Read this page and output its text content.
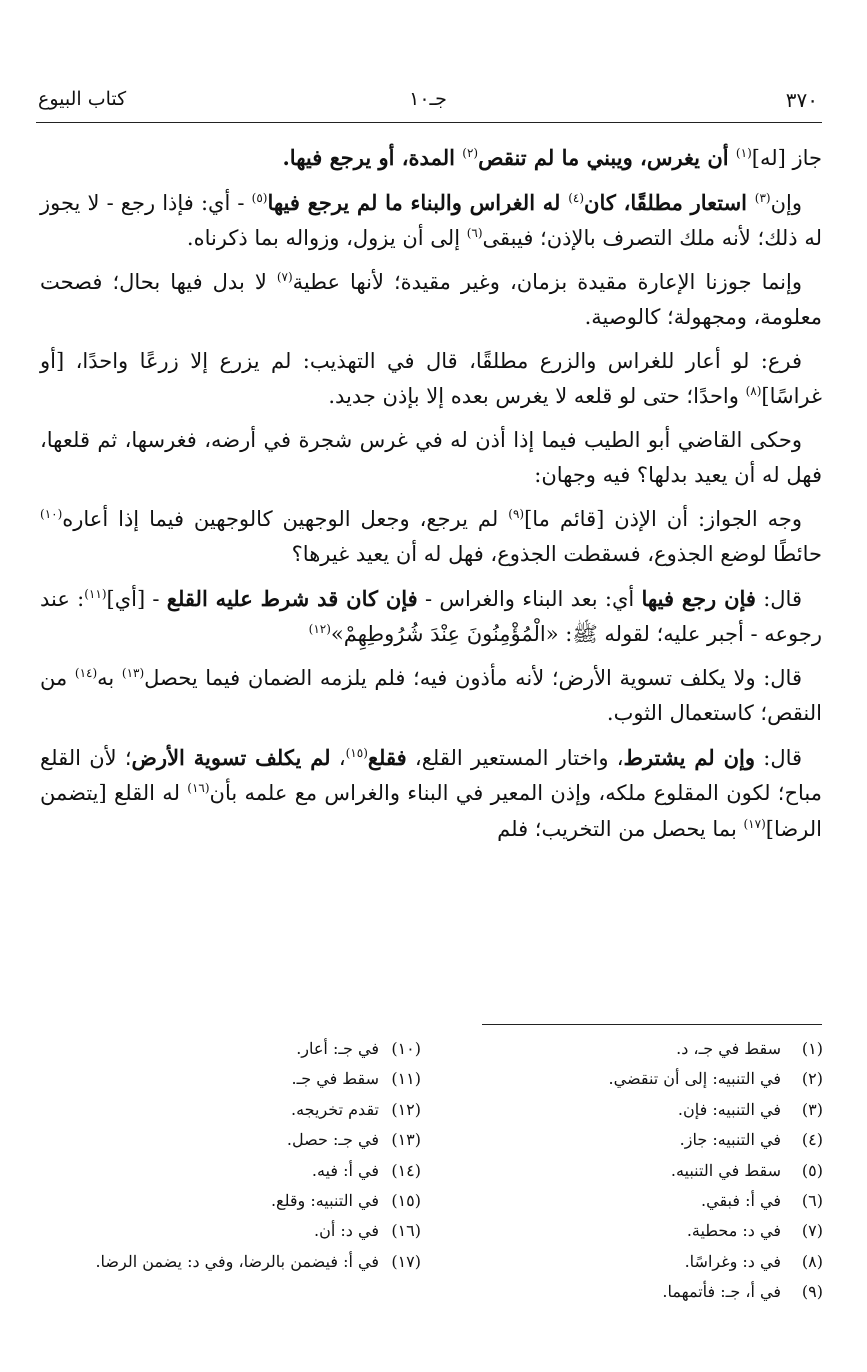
٣٧٠
جـ١٠
كتاب البيوع

جاز [له]$^{(١)}$ أن يغرس، ويبني ما لم تنقص$^{(٢)}$ المدة، أو يرجع فيها.

وإن$^{(٣)}$ استعار مطلقًا، كان$^{(٤)}$ له الغراس والبناء ما لم يرجع فيها$^{(٥)}$ - أي: فإذا رجع - لا يجوز له ذلك؛ لأنه ملك التصرف بالإذن؛ فيبقى$^{(٦)}$ إلى أن يزول، وزواله بما ذكرناه.

وإنما جوزنا الإعارة مقيدة بزمان، وغير مقيدة؛ لأنها عطية$^{(٧)}$ لا بدل فيها بحال؛ فصحت معلومة، ومجهولة؛ كالوصية.

فرع: لو أعار للغراس والزرع مطلقًا، قال في التهذيب: لم يزرع إلا زرعًا واحدًا، [أو غراسًا]$^{(٨)}$ واحدًا؛ حتى لو قلعه لا يغرس بعده إلا بإذن جديد.

وحكى القاضي أبو الطيب فيما إذا أذن له في غرس شجرة في أرضه، فغرسها، ثم قلعها، فهل له أن يعيد بدلها؟ فيه وجهان:

وجه الجواز: أن الإذن [قائم ما]$^{(٩)}$ لم يرجع، وجعل الوجهين كالوجهين فيما إذا أعاره$^{(١٠)}$ حائطًا لوضع الجذوع، فسقطت الجذوع، فهل له أن يعيد غيرها؟

قال: فإن رجع فيها أي: بعد البناء والغراس - فإن كان قد شرط عليه القلع - [أي]$^{(١١)}$: عند رجوعه - أجبر عليه؛ لقوله ﷺ: «الْمُؤْمِنُونَ عِنْدَ شُرُوطِهِمْ»$^{(١٢)}$

قال: ولا يكلف تسوية الأرض؛ لأنه مأذون فيه؛ فلم يلزمه الضمان فيما يحصل$^{(١٣)}$ به$^{(١٤)}$ من النقص؛ كاستعمال الثوب.

قال: وإن لم يشترط، واختار المستعير القلع، فقلع$^{(١٥)}$، لم يكلف تسوية الأرض؛ لأن القلع مباح؛ لكون المقلوع ملكه، وإذن المعير في البناء والغراس مع علمه بأن$^{(١٦)}$ له القلع [يتضمن الرضا]$^{(١٧)}$ بما يحصل من التخريب؛ فلم

(١)
سقط في جـ، د.
(٢)
في التنبيه: إلى أن تنقضي.
(٣)
في التنبيه: فإن.
(٤)
في التنبيه: جاز.
(٥)
سقط في التنبيه.
(٦)
في أ: فبقي.
(٧)
في د: محطية.
(٨)
في د: وغراسًا.
(٩)
في أ، جـ: فأتمهما.
(١٠)
في جـ: أعار.
(١١)
سقط في جـ.
(١٢)
تقدم تخريجه.
(١٣)
في جـ: حصل.
(١٤)
في أ: فيه.
(١٥)
في التنبيه: وقلع.
(١٦)
في د: أن.
(١٧)
في أ: فيضمن بالرضا، وفي د: يضمن الرضا.
